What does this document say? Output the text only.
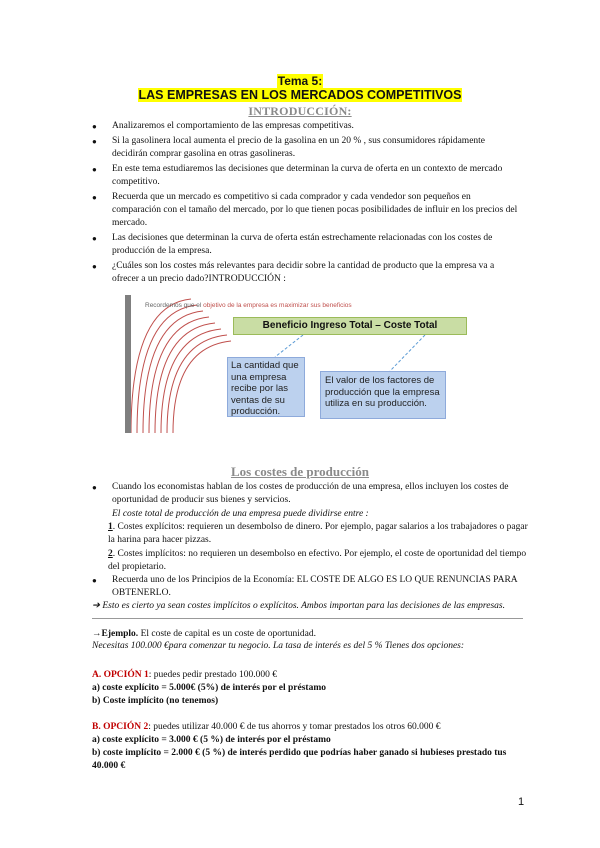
Tema 5:
LAS EMPRESAS EN LOS MERCADOS COMPETITIVOS
INTRODUCCIÓN:
● Analizaremos el comportamiento de las empresas competitivas.
● Si la gasolinera local aumenta el precio de la gasolina en un 20 % , sus consumidores rápidamente decidirán comprar gasolina en otras gasolineras.
● En este tema estudiaremos las decisiones que determinan la curva de oferta en un contexto de mercado competitivo.
● Recuerda que un mercado es competitivo si cada comprador y cada vendedor son pequeños en comparación con el tamaño del mercado, por lo que tienen pocas posibilidades de influir en los precios del mercado.
● Las decisiones que determinan la curva de oferta están estrechamente relacionadas con los costes de producción de la empresa.
● ¿Cuáles son los costes más relevantes para decidir sobre la cantidad de producto que la empresa va a ofrecer a un precio dado?INTRODUCCIÓN :
Recordemos que el objetivo de la empresa es maximizar sus beneficios
Beneficio Ingreso Total – Coste Total
La cantidad que una empresa recibe por las ventas de su producción.
El valor de los factores de producción que la empresa utiliza en su producción.
Los costes de producción
● Cuando los economistas hablan de los costes de producción de una empresa, ellos incluyen los costes de oportunidad de producir sus bienes y servicios.
El coste total de producción de una empresa puede dividirse entre :
1. Costes explícitos: requieren un desembolso de dinero. Por ejemplo, pagar salarios a los trabajadores o pagar la harina para hacer pizzas.
2. Costes implícitos: no requieren un desembolso en efectivo. Por ejemplo, el coste de oportunidad del tiempo del propietario.
● Recuerda uno de los Principios de la Economía: EL COSTE DE ALGO ES LO QUE RENUNCIAS PARA OBTENERLO.
➔ Esto es cierto ya sean costes implícitos o explícitos. Ambos importan para las decisiones de las empresas.
→Ejemplo. El coste de capital es un coste de oportunidad.
Necesitas 100.000 €para comenzar tu negocio. La tasa de interés es del 5 % Tienes dos opciones:
A. OPCIÓN 1: puedes pedir prestado 100.000 €
a) coste explícito = 5.000€ (5%) de interés por el préstamo
b) Coste implícito (no tenemos)
B. OPCIÓN 2: puedes utilizar 40.000 € de tus ahorros y tomar prestados los otros 60.000 €
a) coste explícito = 3.000 € (5 %) de interés por el préstamo
b) coste implícito = 2.000 € (5 %) de interés perdido que podrías haber ganado si hubieses prestado tus 40.000 €
1
